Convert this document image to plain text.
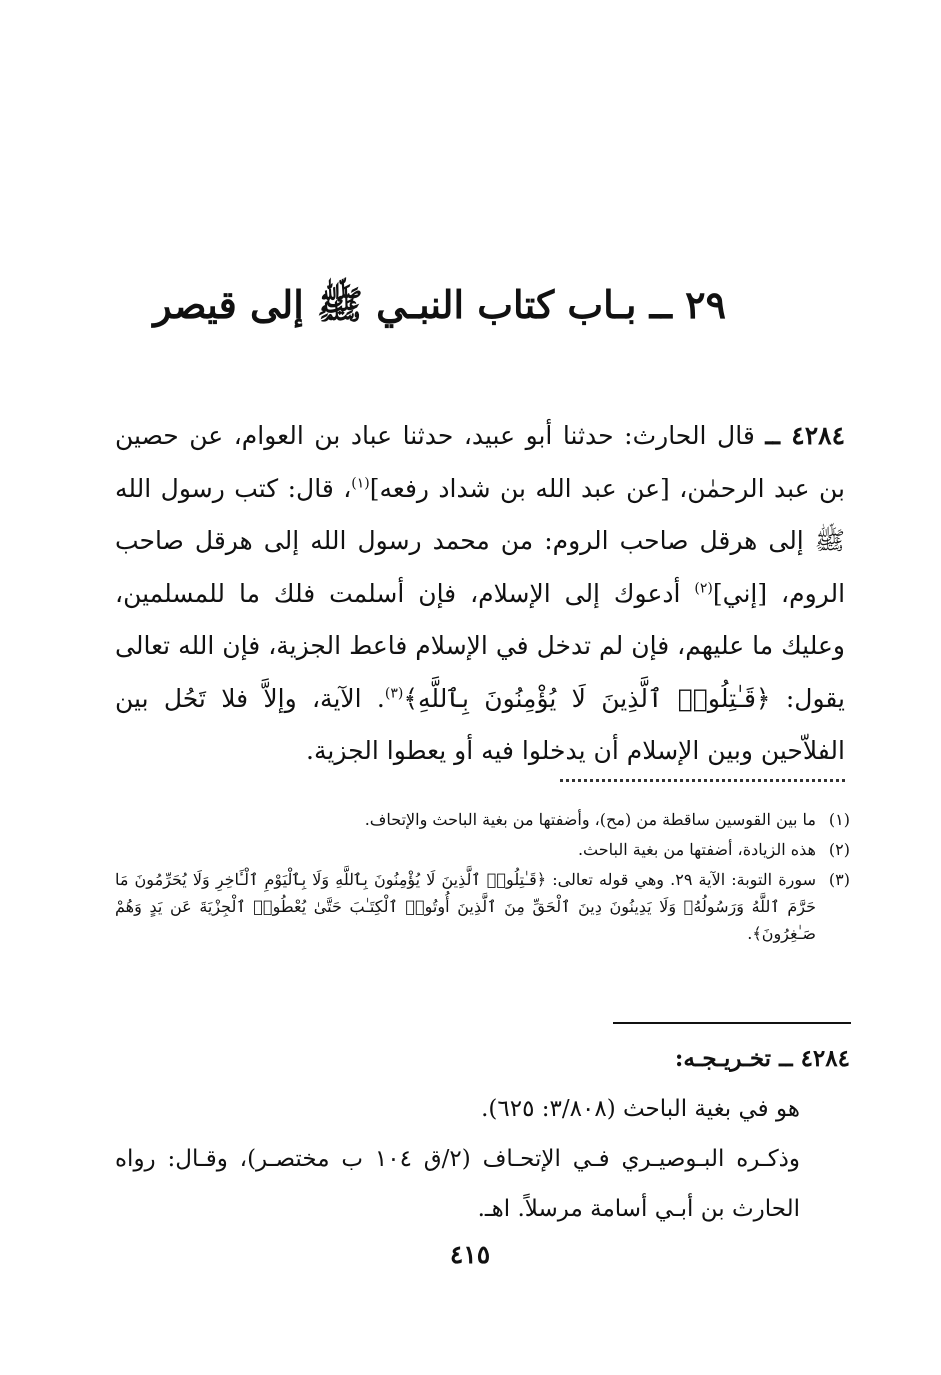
٢٩ ــ بـاب كتاب النبـي ﷺ إلى قيصر

٤٢٨٤ ــ قال الحارث: حدثنا أبو عبيد، حدثنا عباد بن العوام، عن حصين بن عبد الرحمٰن، [عن عبد الله بن شداد رفعه]$^{(١)}$، قال: كتب رسول الله ﷺ إلى هرقل صاحب الروم: من محمد رسول الله إلى هرقل صاحب الروم، [إني]$^{(٢)}$ أدعوك إلى الإسلام، فإن أسلمت فلك ما للمسلمين، وعليك ما عليهم، فإن لم تدخل في الإسلام فاعط الجزية، فإن الله تعالى يقول: ﴿قَـٰتِلُوا۟ ٱلَّذِينَ لَا يُؤْمِنُونَ بِٱللَّهِ﴾$^{(٣)}$. الآية، وإلاَّ فلا تَحُل بين الفلاّحين وبين الإسلام أن يدخلوا فيه أو يعطوا الجزية.

(١)
ما بين القوسين ساقطة من (مح)، وأضفتها من بغية الباحث والإتحاف.
(٢)
هذه الزيادة، أضفتها من بغية الباحث.
(٣)
سورة التوبة: الآية ٢٩. وهي قوله تعالى: ﴿قَـٰتِلُوا۟ ٱلَّذِينَ لَا يُؤْمِنُونَ بِٱللَّهِ وَلَا بِٱلْيَوْمِ ٱلْـَٔاخِرِ وَلَا يُحَرِّمُونَ مَا حَرَّمَ ٱللَّهُ وَرَسُولُهُۥ وَلَا يَدِينُونَ دِينَ ٱلْحَقِّ مِنَ ٱلَّذِينَ أُوتُوا۟ ٱلْكِتَـٰبَ حَتَّىٰ يُعْطُوا۟ ٱلْجِزْيَةَ عَن يَدٍ وَهُمْ صَـٰغِرُونَ﴾.

٤٢٨٤ ــ تخـريـجـه:

هو في بغية الباحث (٣/٨٠٨: ٦٢٥).

وذكـره البـوصيـري فـي الإتحـاف (٢/ق ١٠٤ ب مختصـر)، وقـال: رواه الحارث بن أبـي أسامة مرسلاً. اهـ.

٤١٥
